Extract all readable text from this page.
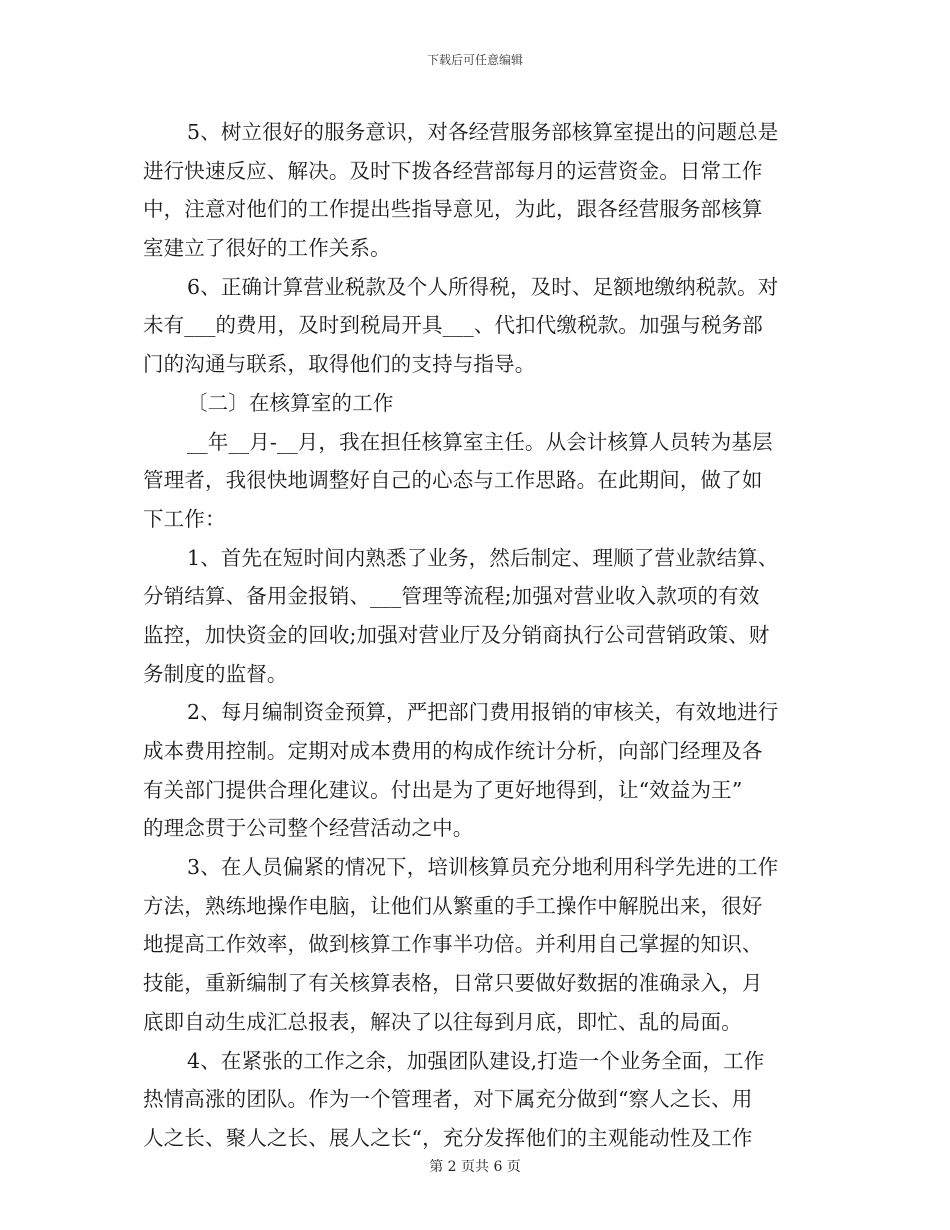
下载后可任意编辑
5、树立很好的服务意识，对各经营服务部核算室提出的问题总是
进行快速反应、解决。及时下拨各经营部每月的运营资金。日常工作
中，注意对他们的工作提出些指导意见，为此，跟各经营服务部核算
室建立了很好的工作关系。
6、正确计算营业税款及个人所得税，及时、足额地缴纳税款。对
未有___的费用，及时到税局开具___、代扣代缴税款。加强与税务部
门的沟通与联系，取得他们的支持与指导。
〔二〕在核算室的工作
__年__月-__月，我在担任核算室主任。从会计核算人员转为基层
管理者，我很快地调整好自己的心态与工作思路。在此期间，做了如
下工作：
1、首先在短时间内熟悉了业务，然后制定、理顺了营业款结算、
分销结算、备用金报销、___管理等流程;加强对营业收入款项的有效
监控，加快资金的回收;加强对营业厅及分销商执行公司营销政策、财
务制度的监督。
2、每月编制资金预算，严把部门费用报销的审核关，有效地进行
成本费用控制。定期对成本费用的构成作统计分析，向部门经理及各
有关部门提供合理化建议。付出是为了更好地得到，让“效益为王”
的理念贯于公司整个经营活动之中。
3、在人员偏紧的情况下，培训核算员充分地利用科学先进的工作
方法，熟练地操作电脑，让他们从繁重的手工操作中解脱出来，很好
地提高工作效率，做到核算工作事半功倍。并利用自己掌握的知识、
技能，重新编制了有关核算表格，日常只要做好数据的准确录入，月
底即自动生成汇总报表，解决了以往每到月底，即忙、乱的局面。
4、在紧张的工作之余，加强团队建设,打造一个业务全面，工作
热情高涨的团队。作为一个管理者，对下属充分做到“察人之长、用
人之长、聚人之长、展人之长“，充分发挥他们的主观能动性及工作
第 2 页共 6 页
